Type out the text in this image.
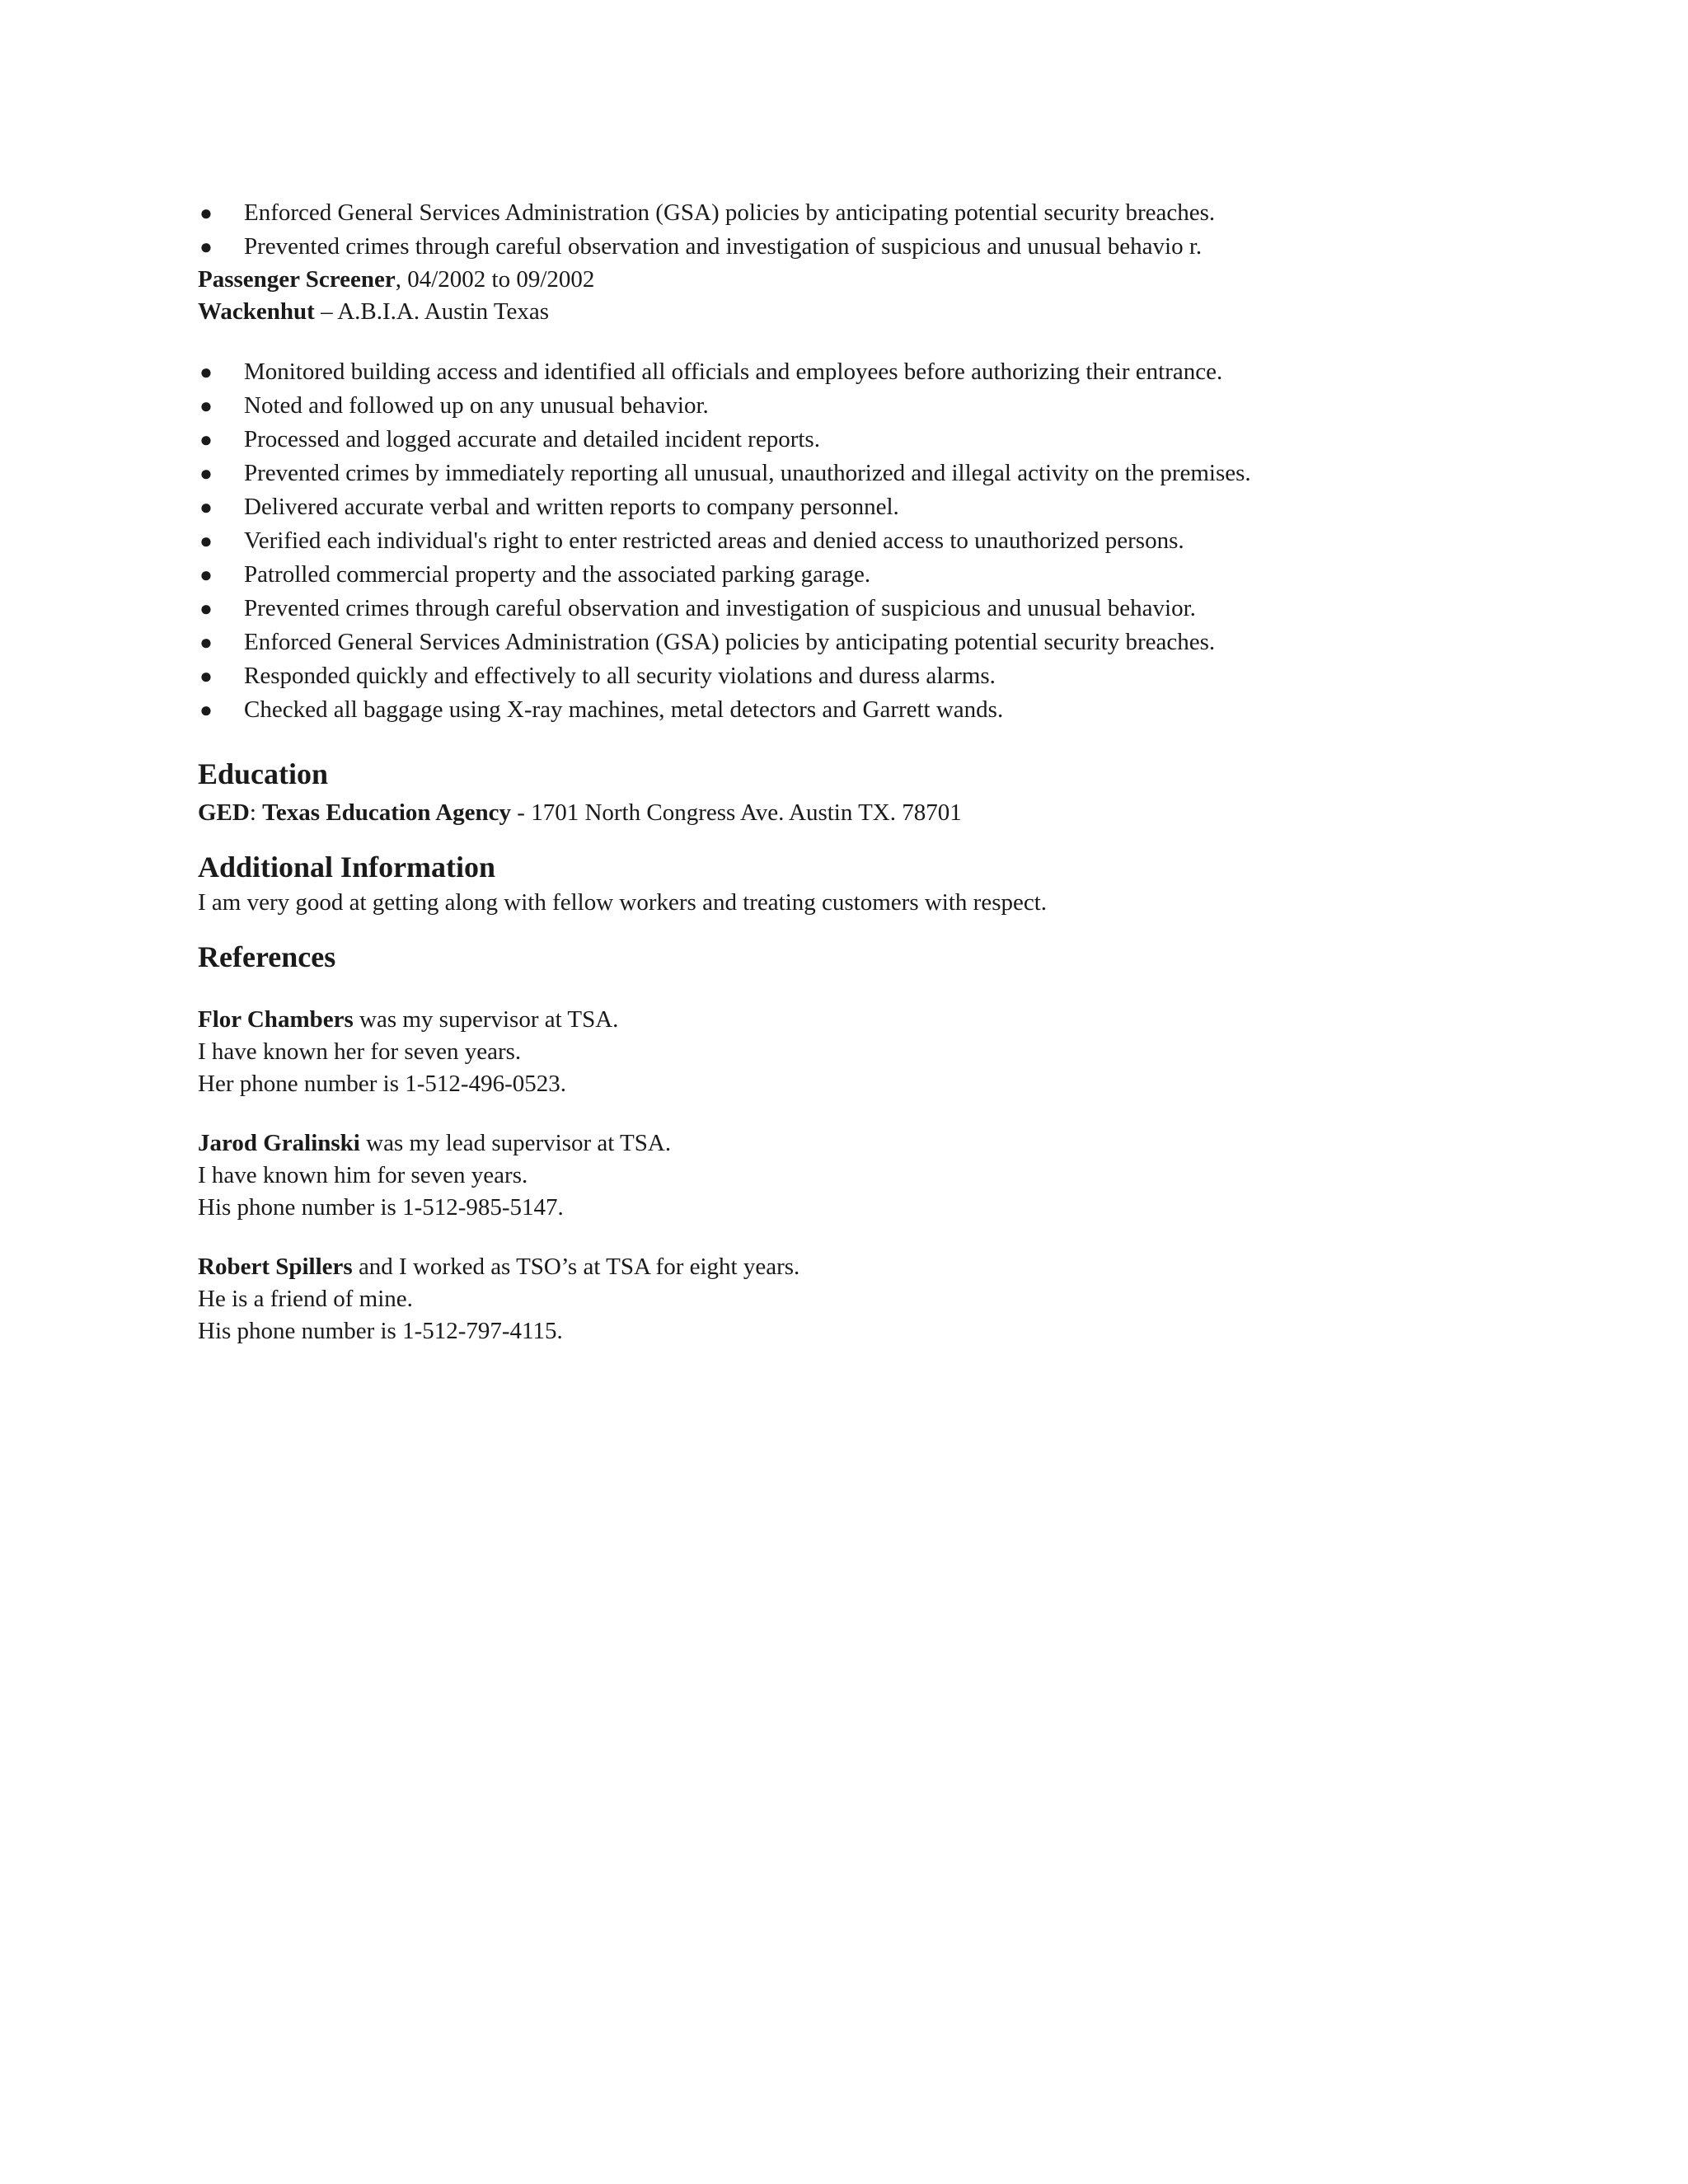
● Enforced General Services Administration (GSA) policies by anticipating potential security breaches.
● Prevented crimes through careful observation and investigation of suspicious and unusual behavio r.
Passenger Screener, 04/2002 to 09/2002
Wackenhut – A.B.I.A. Austin Texas
● Monitored building access and identified all officials and employees before authorizing their entrance.
● Noted and followed up on any unusual behavior.
● Processed and logged accurate and detailed incident reports.
● Prevented crimes by immediately reporting all unusual, unauthorized and illegal activity on the premises.
● Delivered accurate verbal and written reports to company personnel.
● Verified each individual's right to enter restricted areas and denied access to unauthorized persons.
● Patrolled commercial property and the associated parking garage.
● Prevented crimes through careful observation and investigation of suspicious and unusual behavior.
● Enforced General Services Administration (GSA) policies by anticipating potential security breaches.
● Responded quickly and effectively to all security violations and duress alarms.
● Checked all baggage using X-ray machines, metal detectors and Garrett wands.
Education
GED: Texas Education Agency - 1701 North Congress Ave. Austin TX. 78701
Additional Information
I am very good at getting along with fellow workers and treating customers with respect.
References
Flor Chambers was my supervisor at TSA.
I have known her for seven years.
Her phone number is 1-512-496-0523.
Jarod Gralinski was my lead supervisor at TSA.
I have known him for seven years.
His phone number is 1-512-985-5147.
Robert Spillers and I worked as TSO’s at TSA for eight years.
He is a friend of mine.
His phone number is 1-512-797-4115.
